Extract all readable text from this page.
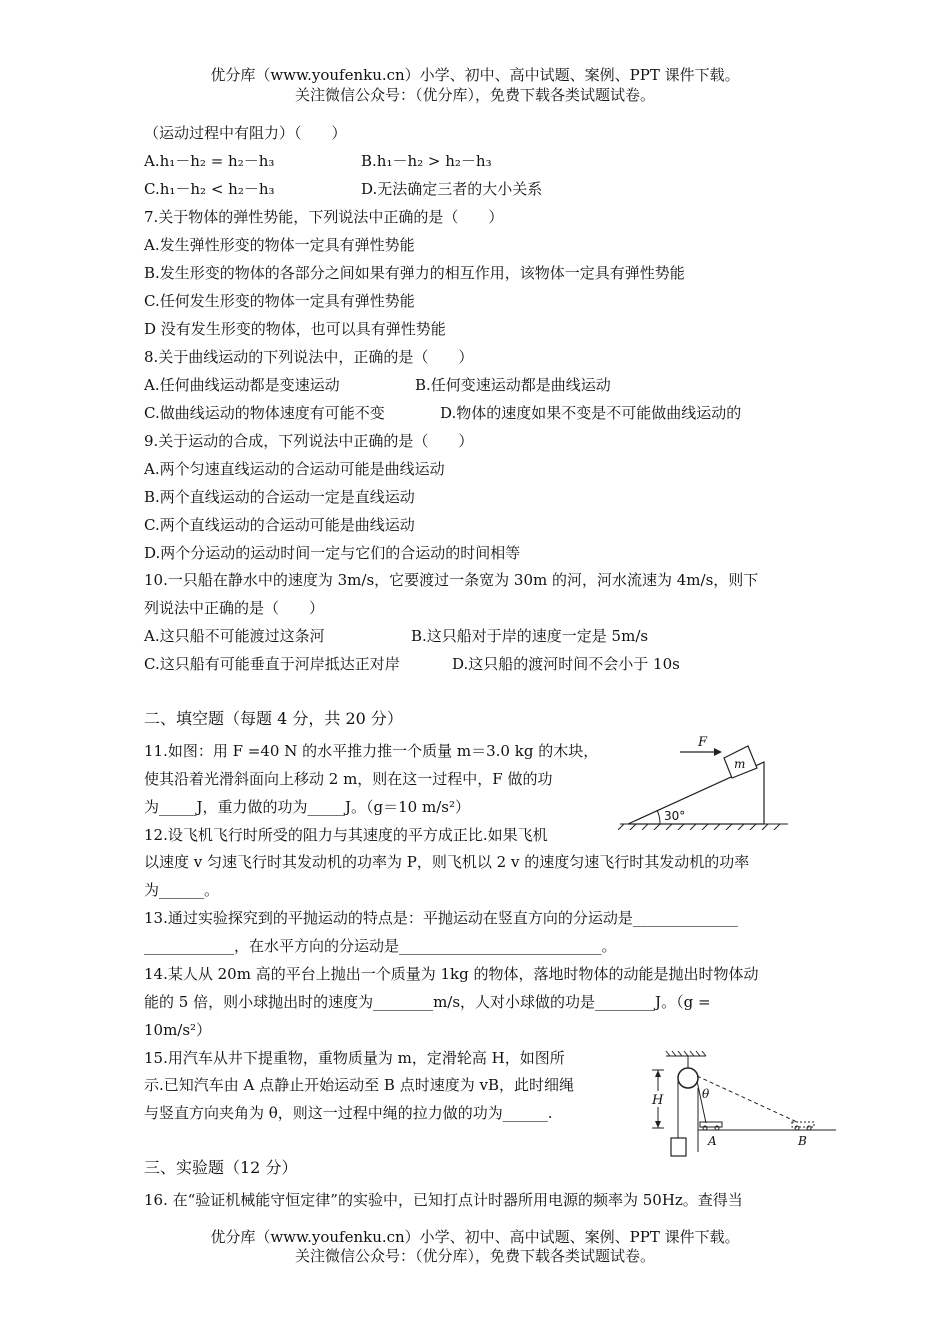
优分库（www.youfenku.cn）小学、初中、高中试题、案例、PPT 课件下载。
关注微信公众号：（优分库），免费下载各类试题试卷。
（运动过程中有阻力）（　　）
A.h₁－h₂ = h₂－h₃	B.h₁－h₂ > h₂－h₃
C.h₁－h₂ < h₂－h₃	D.无法确定三者的大小关系
7.关于物体的弹性势能，下列说法中正确的是（　　）
A.发生弹性形变的物体一定具有弹性势能
B.发生形变的物体的各部分之间如果有弹力的相互作用，该物体一定具有弹性势能
C.任何发生形变的物体一定具有弹性势能
D 没有发生形变的物体，也可以具有弹性势能
8.关于曲线运动的下列说法中，正确的是（　　）
A.任何曲线运动都是变速运动	B.任何变速运动都是曲线运动
C.做曲线运动的物体速度有可能不变	D.物体的速度如果不变是不可能做曲线运动的
9.关于运动的合成，下列说法中正确的是（　　）
A.两个匀速直线运动的合运动可能是曲线运动
B.两个直线运动的合运动一定是直线运动
C.两个直线运动的合运动可能是曲线运动
D.两个分运动的运动时间一定与它们的合运动的时间相等
10.一只船在静水中的速度为 3m/s，它要渡过一条宽为 30m 的河，河水流速为 4m/s，则下
列说法中正确的是（　　）
A.这只船不可能渡过这条河	B.这只船对于岸的速度一定是 5m/s
C.这只船有可能垂直于河岸抵达正对岸	D.这只船的渡河时间不会小于 10s
二、填空题（每题 4 分，共 20 分）
11.如图：用 F =40 N 的水平推力推一个质量 m＝3.0 kg 的木块，
使其沿着光滑斜面向上移动 2 m，则在这一过程中，F 做的功
为_____J，重力做的功为_____J。（g＝10 m/s²）	30°
m
F
12.设飞机飞行时所受的阻力与其速度的平方成正比.如果飞机
以速度 v 匀速飞行时其发动机的功率为 P，则飞机以 2 v 的速度匀速飞行时其发动机的功率
为______。
13.通过实验探究到的平抛运动的特点是：平抛运动在竖直方向的分运动是______________
____________，在水平方向的分运动是___________________________。
14.某人从 20m 高的平台上抛出一个质量为 1kg 的物体，落地时物体的动能是抛出时物体动
能的 5 倍，则小球抛出时的速度为________m/s，人对小球做的功是________J。（g =
10m/s²）
15.用汽车从井下提重物，重物质量为 m，定滑轮高 H，如图所
示.已知汽车由 A 点静止开始运动至 B 点时速度为 vB，此时细绳
与竖直方向夹角为 θ，则这一过程中绳的拉力做的功为______.
H	θ
A	B
三、实验题（12 分）
16. 在“验证机械能守恒定律”的实验中，已知打点计时器所用电源的频率为 50Hz。查得当
优分库（www.youfenku.cn）小学、初中、高中试题、案例、PPT 课件下载。
关注微信公众号：（优分库），免费下载各类试题试卷。
